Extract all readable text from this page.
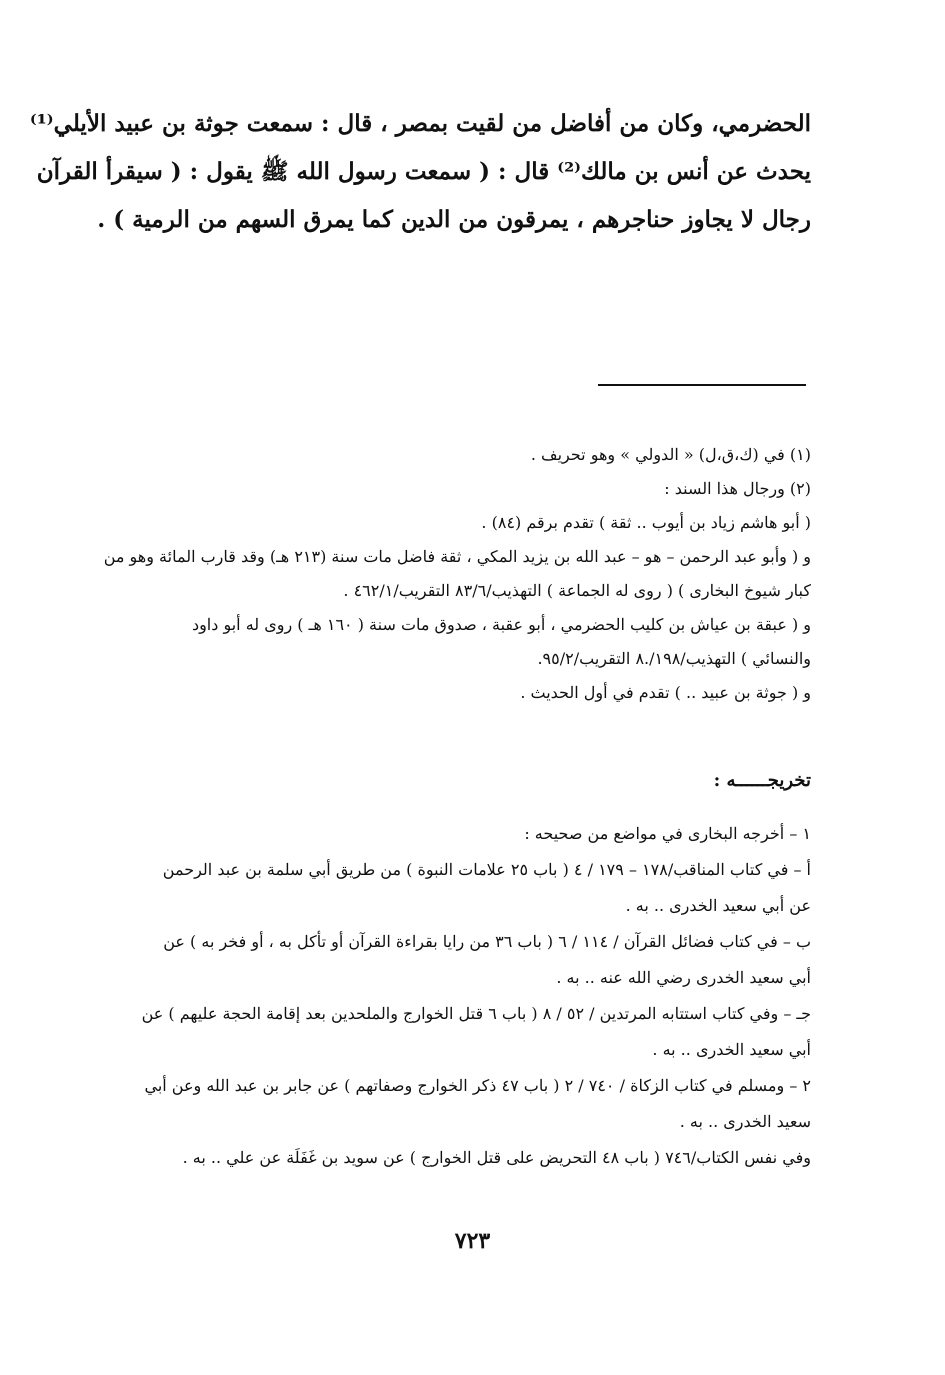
الحضرمي، وكان من أفاضل من لقيت بمصر ، قال : سمعت جوثة بن عبيد الأيلي⁽¹⁾
يحدث عن أنس بن مالك⁽²⁾ قال : ( سمعت رسول الله ﷺ يقول : ( سيقرأ القرآن
رجال لا يجاوز حناجرهم ، يمرقون من الدين كما يمرق السهم من الرمية ) .
(١) في (ك،ق،ل) « الدولي » وهو تحريف .
(٢) ورجال هذا السند :
( أبو هاشم زياد بن أيوب .. ثقة ) تقدم برقم (٨٤) .
و ( وأبو عبد الرحمن – هو – عبد الله بن يزيد المكي ، ثقة فاضل مات سنة (٢١٣ هـ) وقد قارب المائة وهو من
كبار شيوخ البخارى ) ( روى له الجماعة ) التهذيب/٨٣/٦ التقريب/٤٦٢/١ .
و ( عبقة بن عياش بن كليب الحضرمي ، أبو عقبة ، صدوق مات سنة ( ١٦٠ هـ ) روى له أبو داود
والنسائي ) التهذيب/١٩٨/.٨ التقريب/٩٥/٢.
و ( جوثة بن عبيد .. ) تقدم في أول الحديث .
تخريجــــــه :
١ – أخرجه البخارى في مواضع من صحيحه :
أ – في كتاب المناقب/١٧٨ – ١٧٩ / ٤ ( باب ٢٥ علامات النبوة ) من طريق أبي سلمة بن عبد الرحمن
عن أبي سعيد الخدرى .. به .
ب – في كتاب فضائل القرآن / ١١٤ / ٦ ( باب ٣٦ من رايا بقراءة القرآن أو تأكل به ، أو فخر به ) عن
أبي سعيد الخدرى رضي الله عنه .. به .
جـ – وفي كتاب استتابه المرتدين / ٥٢ / ٨ ( باب ٦ قتل الخوارج والملحدين بعد إقامة الحجة عليهم ) عن
أبي سعيد الخدرى .. به .
٢ – ومسلم في كتاب الزكاة / ٧٤٠ / ٢ ( باب ٤٧ ذكر الخوارج وصفاتهم ) عن جابر بن عبد الله وعن أبي
سعيد الخدرى .. به .
وفي نفس الكتاب/٧٤٦ ( باب ٤٨ التحريض على قتل الخوارج ) عن سويد بن غَفَلَة عن علي .. به .
٧٢٣
